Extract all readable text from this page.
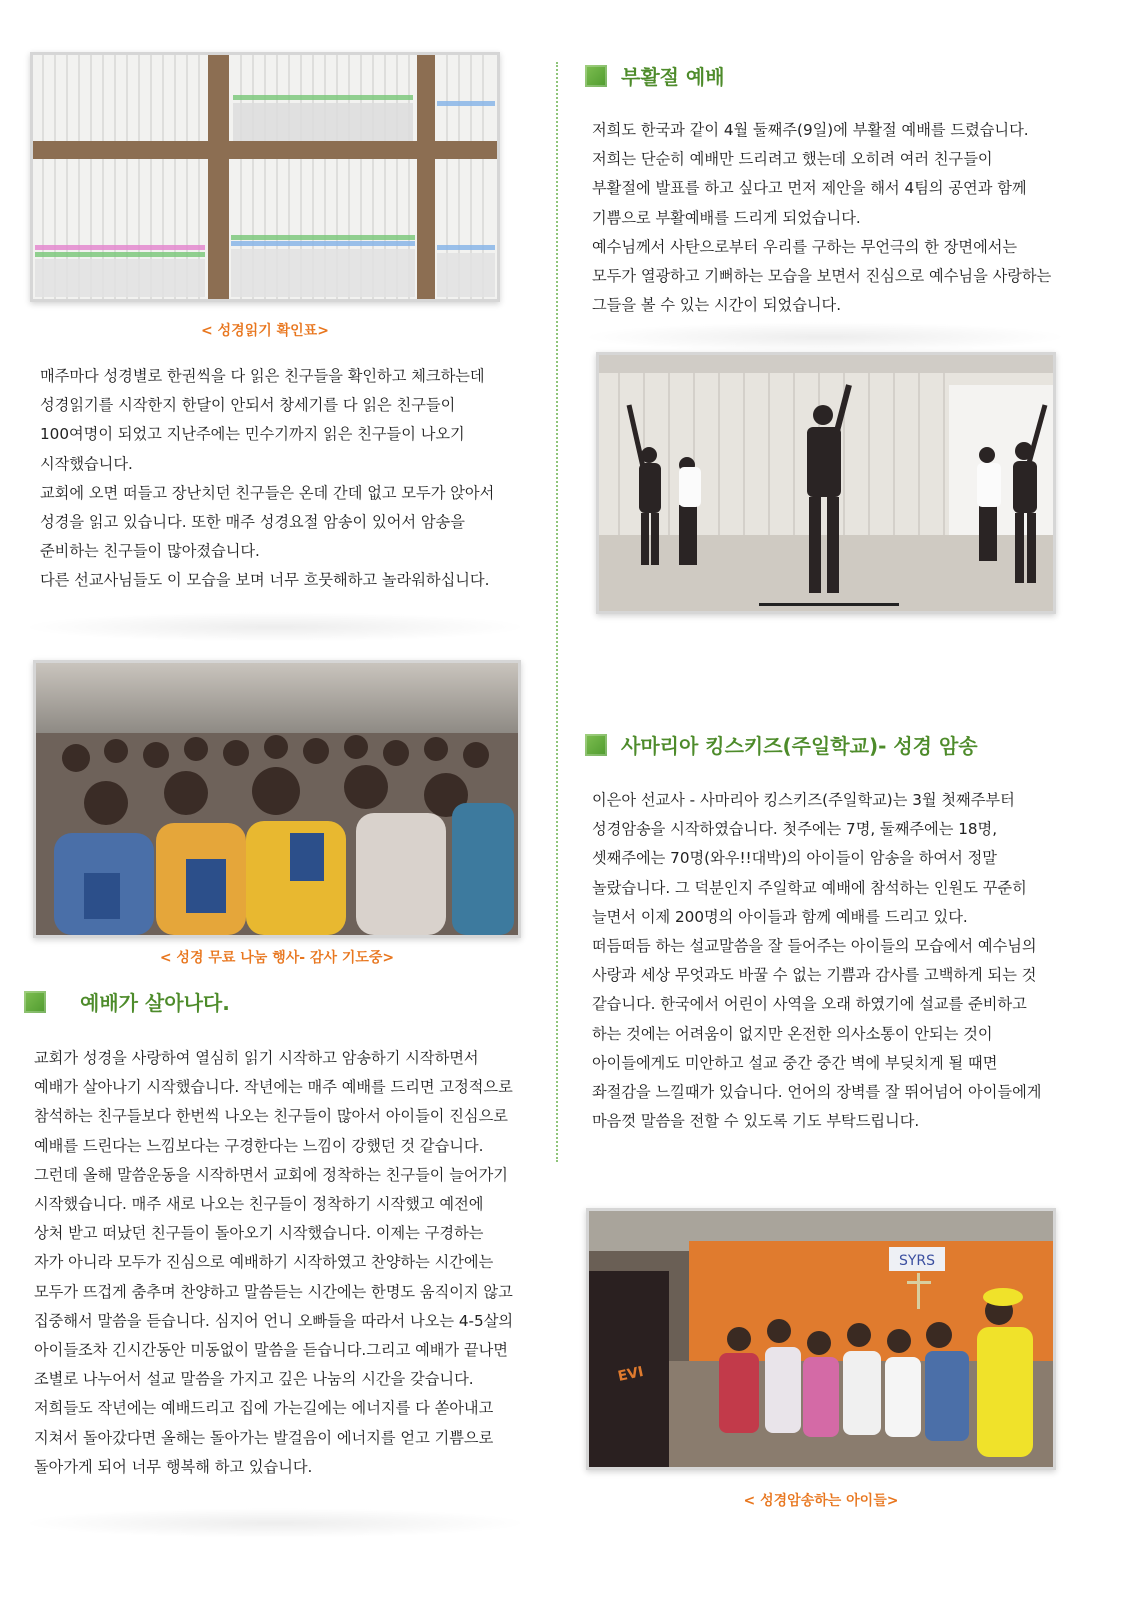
< 성경읽기 확인표>

매주마다 성경별로 한권씩을 다 읽은 친구들을 확인하고 체크하는데 성경읽기를 시작한지 한달이 안되서 창세기를 다 읽은 친구들이 100여명이 되었고 지난주에는 민수기까지 읽은 친구들이 나오기 시작했습니다.

교회에 오면 떠들고 장난치던 친구들은 온데 간데 없고 모두가 앉아서 성경을 읽고 있습니다. 또한 매주 성경요절 암송이 있어서 암송을 준비하는 친구들이 많아졌습니다.

다른 선교사님들도 이 모습을 보며 너무 흐뭇해하고 놀라워하십니다.

< 성경 무료 나눔 행사- 감사 기도중>
예배가 살아나다.

교회가 성경을 사랑하여 열심히 읽기 시작하고 암송하기 시작하면서 예배가 살아나기 시작했습니다. 작년에는 매주 예배를 드리면 고정적으로 참석하는 친구들보다 한번씩 나오는 친구들이 많아서 아이들이 진심으로 예배를 드린다는 느낌보다는 구경한다는 느낌이 강했던 것 같습니다. 그런데 올해 말씀운동을 시작하면서 교회에 정착하는 친구들이 늘어가기 시작했습니다. 매주 새로 나오는 친구들이 정착하기 시작했고 예전에 상처 받고 떠났던 친구들이 돌아오기 시작했습니다. 이제는 구경하는 자가 아니라 모두가 진심으로 예배하기 시작하였고 찬양하는 시간에는 모두가 뜨겁게 춤추며 찬양하고 말씀듣는 시간에는 한명도 움직이지 않고 집중해서 말씀을 듣습니다. 심지어 언니 오빠들을 따라서 나오는 4-5살의 아이들조차 긴시간동안 미동없이 말씀을 듣습니다.그리고 예배가 끝나면 조별로 나누어서 설교 말씀을 가지고 깊은 나눔의 시간을 갖습니다. 저희들도 작년에는 예배드리고 집에 가는길에는 에너지를 다 쏟아내고 지쳐서 돌아갔다면 올해는 돌아가는 발걸음이 에너지를 얻고 기쁨으로 돌아가게 되어 너무 행복해 하고 있습니다.

부활절 예배

저희도 한국과 같이 4월 둘째주(9일)에 부활절 예배를 드렸습니다. 저희는 단순히 예배만 드리려고 했는데 오히려 여러 친구들이 부활절에 발표를 하고 싶다고 먼저 제안을 해서 4팀의 공연과 함께 기쁨으로 부활예배를 드리게 되었습니다.

예수님께서 사탄으로부터 우리를 구하는 무언극의 한 장면에서는 모두가 열광하고 기뻐하는 모습을 보면서 진심으로 예수님을 사랑하는 그들을 볼 수 있는 시간이 되었습니다.

사마리아 킹스키즈(주일학교)- 성경 암송

이은아 선교사 - 사마리아 킹스키즈(주일학교)는 3월 첫째주부터 성경암송을 시작하였습니다. 첫주에는 7명, 둘째주에는 18명, 셋째주에는 70명(와우!!대박)의 아이들이 암송을 하여서 정말 놀랐습니다. 그 덕분인지 주일학교 예배에 참석하는 인원도 꾸준히 늘면서 이제 200명의 아이들과 함께 예배를 드리고 있다.

떠듬떠듬 하는 설교말씀을 잘 들어주는 아이들의 모습에서 예수님의 사랑과 세상 무엇과도 바꿀 수 없는 기쁨과 감사를 고백하게 되는 것 같습니다. 한국에서 어린이 사역을 오래 하였기에 설교를 준비하고 하는 것에는 어려움이 없지만 온전한 의사소통이 안되는 것이 아이들에게도 미안하고 설교 중간 중간 벽에 부딪치게 될 때면 좌절감을 느낄때가 있습니다. 언어의 장벽를 잘 뛰어넘어 아이들에게 마음껏 말씀을 전할 수 있도록 기도 부탁드립니다.

SYRS
EVI
< 성경암송하는 아이들>
